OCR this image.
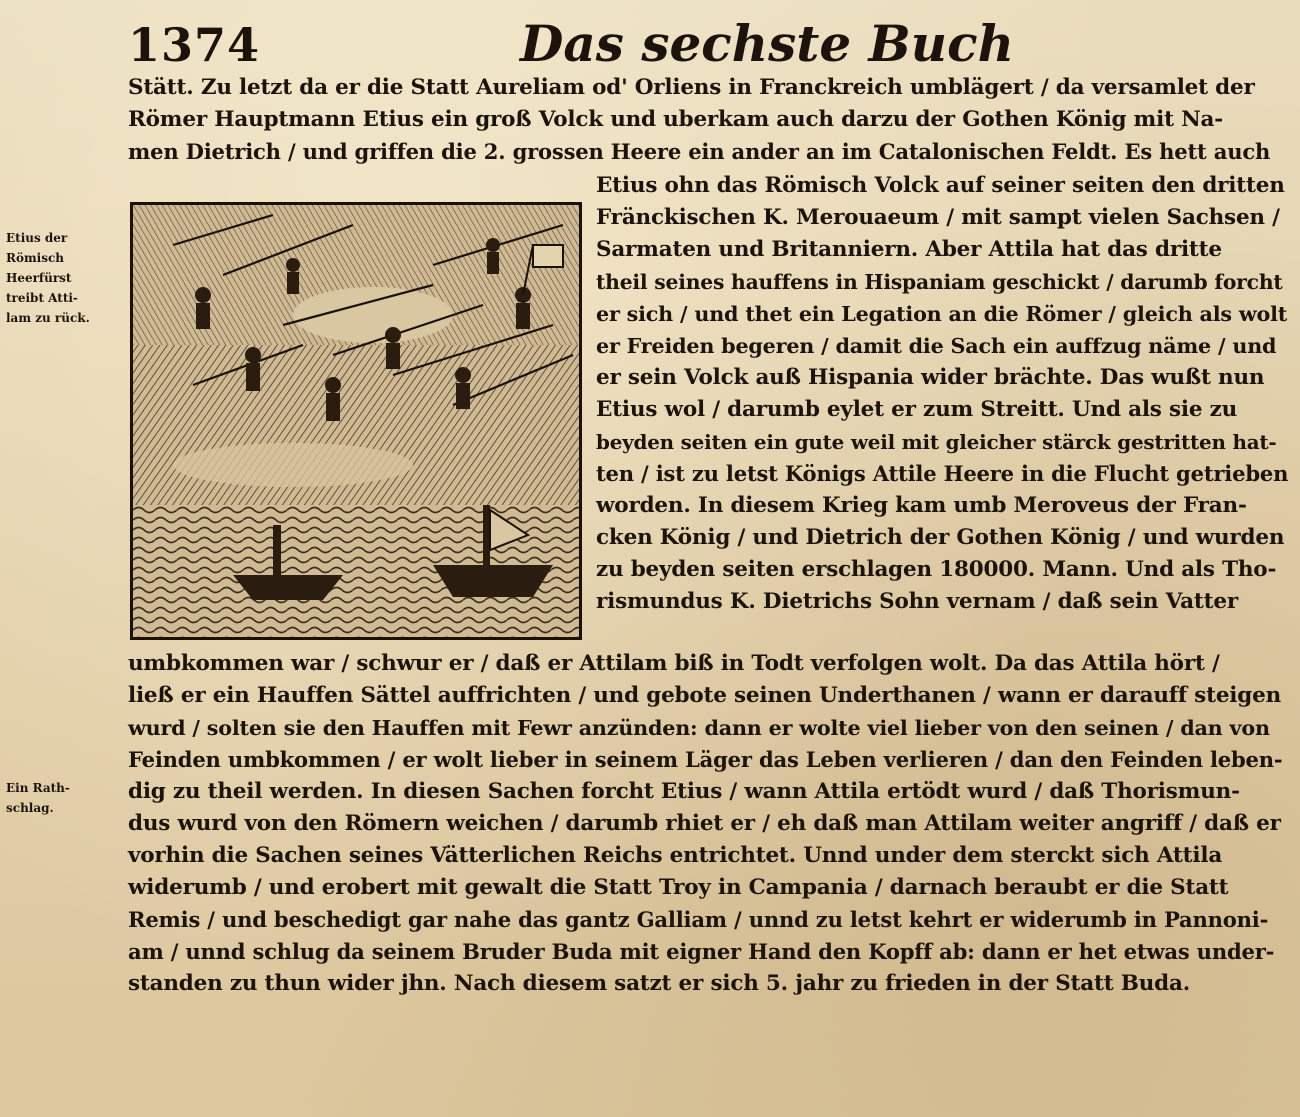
1374	Das sechste Buch
Etius der
Römisch
Heerfürst
treibt Atti-
lam zu rück.
Ein Rath-
schlag.
Stätt. Zu letzt da er die Statt Aureliam od' Orliens in Franckreich umblägert / da versamlet der
Römer Hauptmann Etius ein groß Volck und uberkam auch darzu der Gothen König mit Na-
men Dietrich / und griffen die 2. grossen Heere ein ander an im Catalonischen Feldt. Es hett auch
Etius ohn das Römisch Volck auf seiner seiten den dritten
Fränckischen K. Merouaeum / mit sampt vielen Sachsen /
Sarmaten und Britanniern. Aber Attila hat das dritte
theil seines hauffens in Hispaniam geschickt / darumb forcht
er sich / und thet ein Legation an die Römer / gleich als wolt
er Freiden begeren / damit die Sach ein auffzug näme / und
er sein Volck auß Hispania wider brächte. Das wußt nun
Etius wol / darumb eylet er zum Streitt. Und als sie zu
beyden seiten ein gute weil mit gleicher stärck gestritten hat-
ten / ist zu letst Königs Attile Heere in die Flucht getrieben
worden. In diesem Krieg kam umb Meroveus der Fran-
cken König / und Dietrich der Gothen König / und wurden
zu beyden seiten erschlagen 180000. Mann. Und als Tho-
rismundus K. Dietrichs Sohn vernam / daß sein Vatter
umbkommen war / schwur er / daß er Attilam biß in Todt verfolgen wolt. Da das Attila hört /
ließ er ein Hauffen Sättel auffrichten / und gebote seinen Underthanen / wann er darauff steigen
wurd / solten sie den Hauffen mit Fewr anzünden: dann er wolte viel lieber von den seinen / dan von
Feinden umbkommen / er wolt lieber in seinem Läger das Leben verlieren / dan den Feinden leben-
dig zu theil werden. In diesen Sachen forcht Etius / wann Attila ertödt wurd / daß Thorismun-
dus wurd von den Römern weichen / darumb rhiet er / eh daß man Attilam weiter angriff / daß er
vorhin die Sachen seines Vätterlichen Reichs entrichtet. Unnd under dem sterckt sich Attila
widerumb / und erobert mit gewalt die Statt Troy in Campania / darnach beraubt er die Statt
Remis / und beschedigt gar nahe das gantz Galliam / unnd zu letst kehrt er widerumb in Pannoni-
am / unnd schlug da seinem Bruder Buda mit eigner Hand den Kopff ab: dann er het etwas under-
standen zu thun wider jhn. Nach diesem satzt er sich 5. jahr zu frieden in der Statt Buda.
